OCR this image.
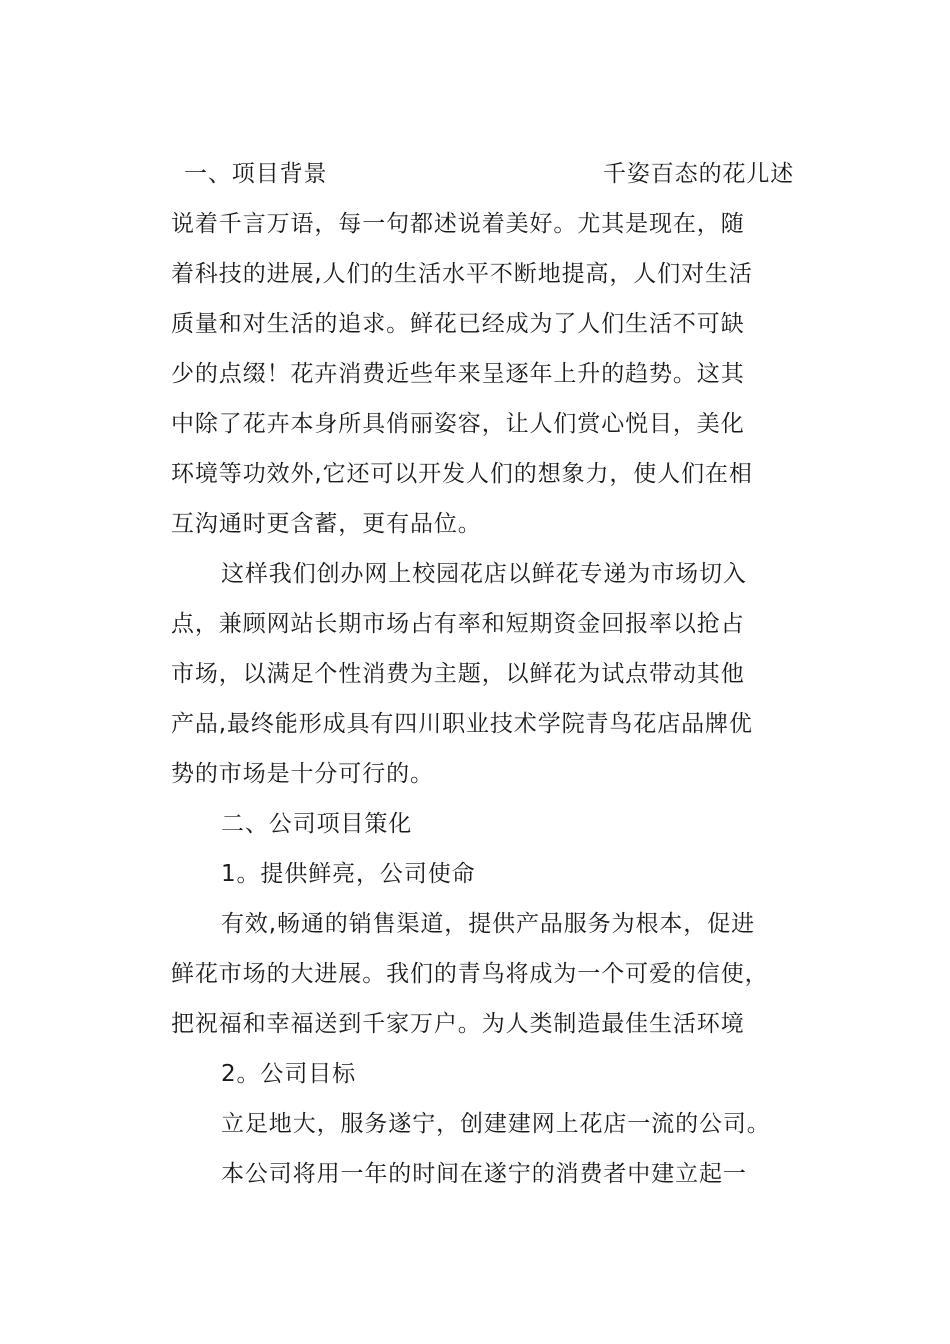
一、项目背景	千姿百态的花儿述
说着千言万语，每一句都述说着美好。尤其是现在，随
着科技的进展,人们的生活水平不断地提高，人们对生活
质量和对生活的追求。鲜花已经成为了人们生活不可缺
少的点缀！花卉消费近些年来呈逐年上升的趋势。这其
中除了花卉本身所具俏丽姿容，让人们赏心悦目，美化
环境等功效外,它还可以开发人们的想象力，使人们在相
互沟通时更含蓄，更有品位。
这样我们创办网上校园花店以鲜花专递为市场切入
点，兼顾网站长期市场占有率和短期资金回报率以抢占
市场，以满足个性消费为主题，以鲜花为试点带动其他
产品,最终能形成具有四川职业技术学院青鸟花店品牌优
势的市场是十分可行的。
二、公司项目策化
1。提供鲜亮，公司使命
有效,畅通的销售渠道，提供产品服务为根本，促进
鲜花市场的大进展。我们的青鸟将成为一个可爱的信使，
把祝福和幸福送到千家万户。为人类制造最佳生活环境
2。公司目标
立足地大，服务遂宁，创建建网上花店一流的公司。
本公司将用一年的时间在遂宁的消费者中建立起一
